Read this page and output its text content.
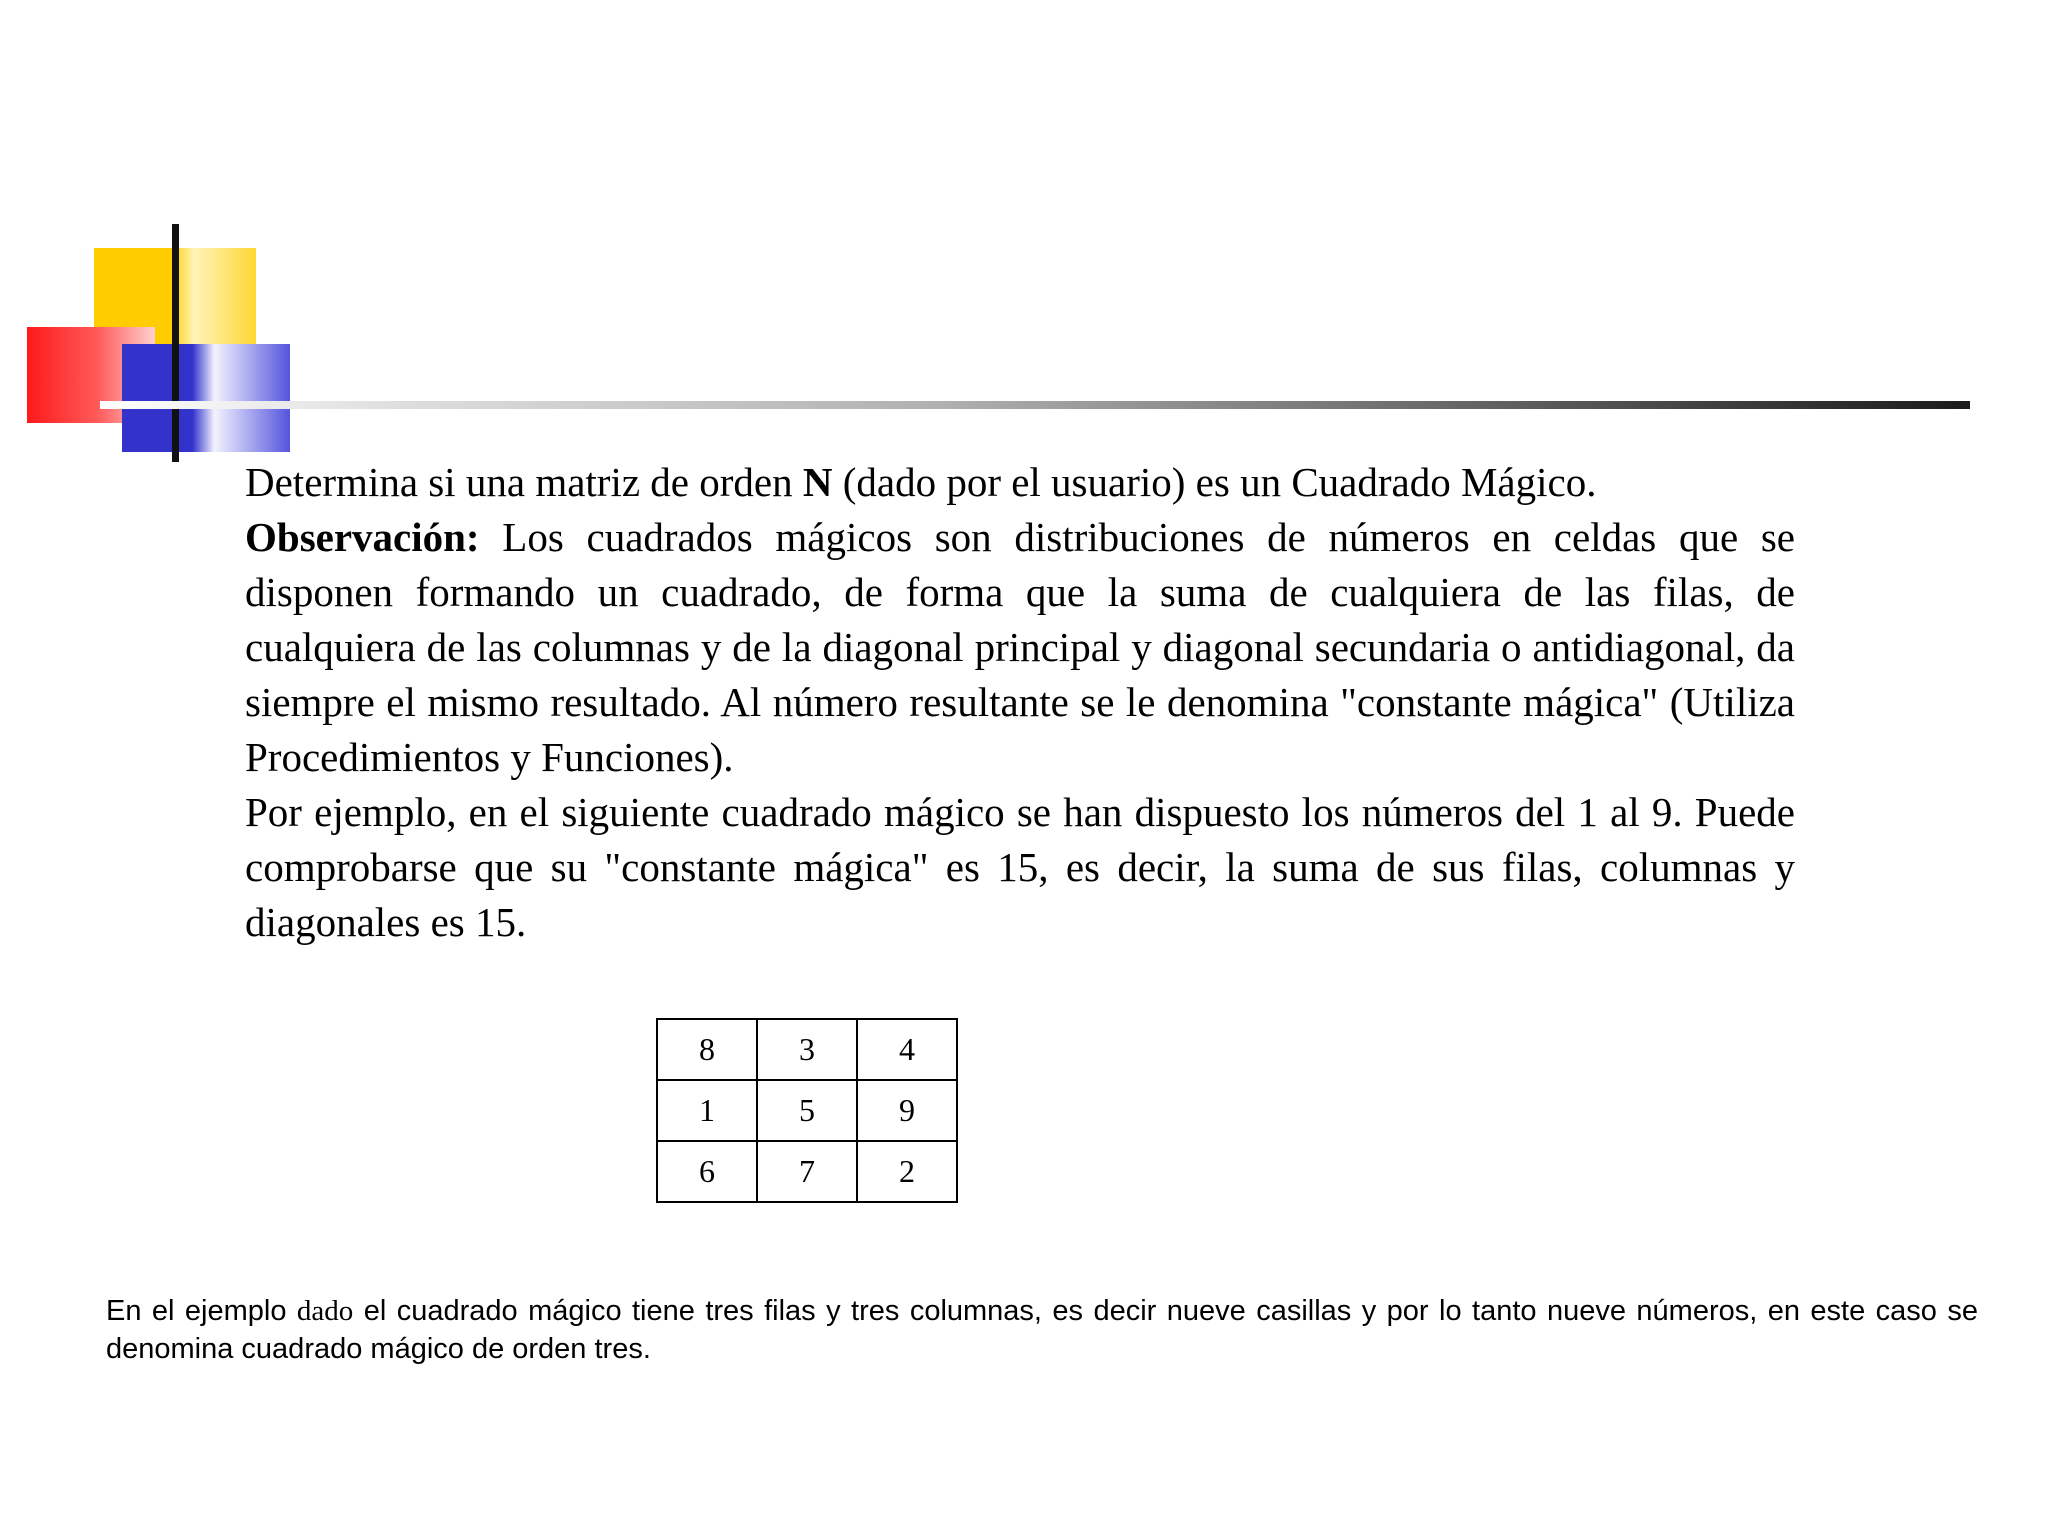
Determina si una matriz de orden N (dado por el usuario) es un Cuadrado Mágico.

Observación: Los cuadrados mágicos son distribuciones de números en celdas que se disponen formando un cuadrado, de forma que la suma de cualquiera de las filas, de cualquiera de las columnas y de la diagonal principal y diagonal secundaria o antidiagonal, da siempre el mismo resultado. Al número resultante se le denomina "constante mágica" (Utiliza Procedimientos y Funciones).

Por ejemplo, en el siguiente cuadrado mágico se han dispuesto los números del 1 al 9. Puede comprobarse que su "constante mágica" es 15, es decir, la suma de sus filas, columnas y diagonales es 15.

8	3	4
1	5	9
6	7	2
En el ejemplo dado el cuadrado mágico tiene tres filas y tres columnas, es decir nueve casillas y por lo tanto nueve números, en este caso se denomina cuadrado mágico de orden tres.
